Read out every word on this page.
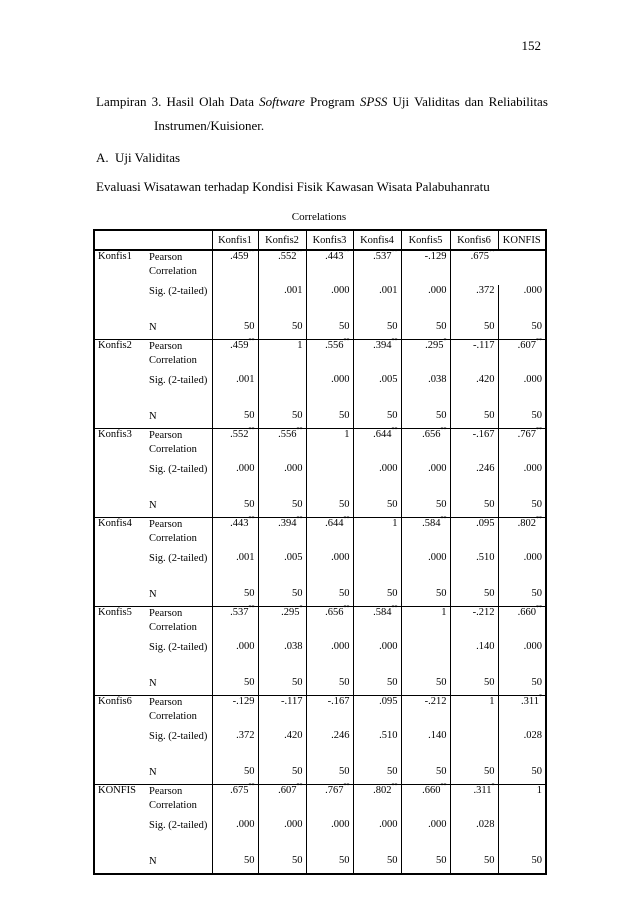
152
Lampiran 3. Hasil Olah Data Software Program SPSS Uji Validitas dan Reliabilitas
Instrumen/Kuisioner.
A. Uji Validitas
Evaluasi Wisatawan terhadap Kondisi Fisik Kawasan Wisata Palabuhanratu
Correlations
		Konfis1	Konfis2	Konfis3	Konfis4	Konfis5	Konfis6	KONFIS
Konfis1	Pearson Correlation	.459**	.552**	.443**	.537**	-.129	.675**
	Sig. (2-tailed)		.001	.000	.001	.000	.372	.000
	N	50	50	50	50	50	50	50
Konfis2	Pearson Correlation	.459**	1	.556**	.394**	.295*	-.117	.607**
	Sig. (2-tailed)	.001		.000	.005	.038	.420	.000
	N	50	50	50	50	50	50	50
Konfis3	Pearson Correlation	.552**	.556**	1	.644**	.656**	-.167	.767**
	Sig. (2-tailed)	.000	.000		.000	.000	.246	.000
	N	50	50	50	50	50	50	50
Konfis4	Pearson Correlation	.443**	.394**	.644**	1	.584**	.095	.802**
	Sig. (2-tailed)	.001	.005	.000		.000	.510	.000
	N	50	50	50	50	50	50	50
Konfis5	Pearson Correlation	.537**	.295*	.656**	.584**	1	-.212	.660**
	Sig. (2-tailed)	.000	.038	.000	.000		.140	.000
	N	50	50	50	50	50	50	50
Konfis6	Pearson Correlation	-.129	-.117	-.167	.095	-.212	1	.311*
	Sig. (2-tailed)	.372	.420	.246	.510	.140		.028
	N	50	50	50	50	50	50	50
KONFIS	Pearson Correlation	.675**	.607**	.767**	.802**	.660**	.311*	1
	Sig. (2-tailed)	.000	.000	.000	.000	.000	.028	
	N	50	50	50	50	50	50	50
